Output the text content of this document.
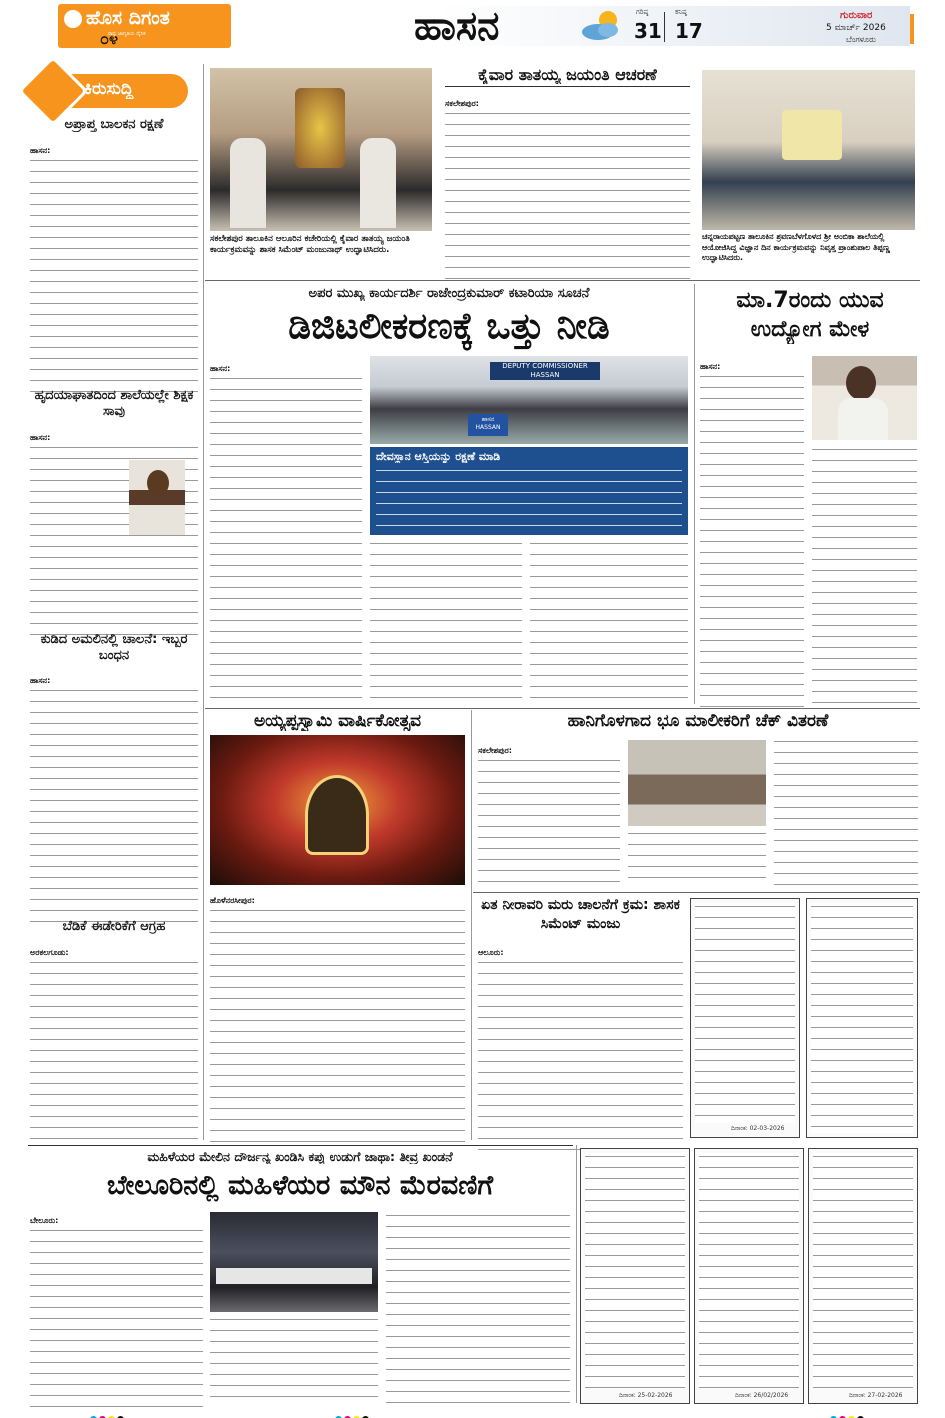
ಹೊಸ ದಿಗಂತ
ರಾಷ್ಟ್ರ ಜಾಗೃತಿಯ ದೈನಿಕ
೦೪	ಹಾಸನ	ಗರಿಷ್ಠ
31
ಕನಿಷ್ಠ
17
ಗುರುವಾರ
5 ಮಾರ್ಚ್ 2026
ಬೆಂಗಳೂರು
ಕಿರುಸುದ್ದಿ
ಅಪ್ರಾಪ್ತ ಬಾಲಕನ ರಕ್ಷಣೆ
ಹಾಸನ:
ಹೃದಯಾಘಾತದಿಂದ ಶಾಲೆಯಲ್ಲೇ ಶಿಕ್ಷಕ ಸಾವು
ಹಾಸನ:
ಕುಡಿದ ಅಮಲಿನಲ್ಲಿ ಚಾಲನೆ: ಇಬ್ಬರ ಬಂಧನ
ಹಾಸನ:
ಬೆಡಿಕೆ ಈಡೇರಿಕೆಗೆ ಆಗ್ರಹ
ಅರಕಲಗೂಡು:
ಸಕಲೇಶಪುರ ತಾಲೂಕಿನ ಆಲೂರಿನ ಕಚೇರಿಯಲ್ಲಿ ಕೈವಾರ ತಾತಯ್ಯ ಜಯಂತಿ ಕಾರ್ಯಕ್ರಮವನ್ನು ಶಾಸಕ ಸಿಮೆಂಟ್ ಮಂಜುನಾಥ್ ಉದ್ಘಾಟಿಸಿದರು.
ಕೈವಾರ ತಾತಯ್ಯ ಜಯಂತಿ ಆಚರಣೆ
ಸಕಲೇಶಪುರ:
ಚನ್ನರಾಯಪಟ್ಟಣ ತಾಲೂಕಿನ ಶ್ರವಣಬೆಳಗೊಳದ ಶ್ರೀ ಅಂಬಿಕಾ ಶಾಲೆಯಲ್ಲಿ ಆಯೋಜಿಸಿದ್ದ ವಿಜ್ಞಾನ ದಿನ ಕಾರ್ಯಕ್ರಮವನ್ನು ನಿವೃತ್ತ ಪ್ರಾಂಶುಪಾಲ ತಿಪ್ಪಣ್ಣ ಉದ್ಘಾಟಿಸಿದರು.
ಅಪರ ಮುಖ್ಯ ಕಾರ್ಯದರ್ಶಿ ರಾಜೇಂದ್ರಕುಮಾರ್ ಕಟಾರಿಯಾ ಸೂಚನೆ
ಡಿಜಿಟಲೀಕರಣಕ್ಕೆ ಒತ್ತು ನೀಡಿ
ಹಾಸನ:	DEPUTY COMMISSIONER
HASSAN
ಹಾಸನ
HASSAN
ದೇವಸ್ಥಾನ ಆಸ್ತಿಯನ್ನು ರಕ್ಷಣೆ ಮಾಡಿ
ಮಾ.7ರಂದು ಯುವ ಉದ್ಯೋಗ ಮೇಳ
ಹಾಸನ:
ಅಯ್ಯಪ್ಪಸ್ವಾಮಿ ವಾರ್ಷಿಕೋತ್ಸವ
ಹೊಳೆನರಸೀಪುರ:
ಹಾನಿಗೊಳಗಾದ ಭೂ ಮಾಲೀಕರಿಗೆ ಚೆಕ್ ವಿತರಣೆ
ಸಕಲೇಶಪುರ:
ಏತ ನೀರಾವರಿ ಮರು ಚಾಲನೆಗೆ ಕ್ರಮ: ಶಾಸಕ ಸಿಮೆಂಟ್ ಮಂಜು
ಆಲೂರು:
ದಿನಾಂಕ: 02-03-2026
ಮಹಿಳೆಯರ ಮೇಲಿನ ದೌರ್ಜನ್ಯ ಖಂಡಿಸಿ ಕಪ್ಪು ಉಡುಗೆ ಜಾಥಾ: ತೀವ್ರ ಖಂಡನೆ
ಬೇಲೂರಿನಲ್ಲಿ ಮಹಿಳೆಯರ ಮೌನ ಮೆರವಣಿಗೆ
ಬೇಲೂರು:
ದಿನಾಂಕ: 25-02-2026	ದಿನಾಂಕ: 26/02/2026	ದಿನಾಂಕ: 27-02-2026
